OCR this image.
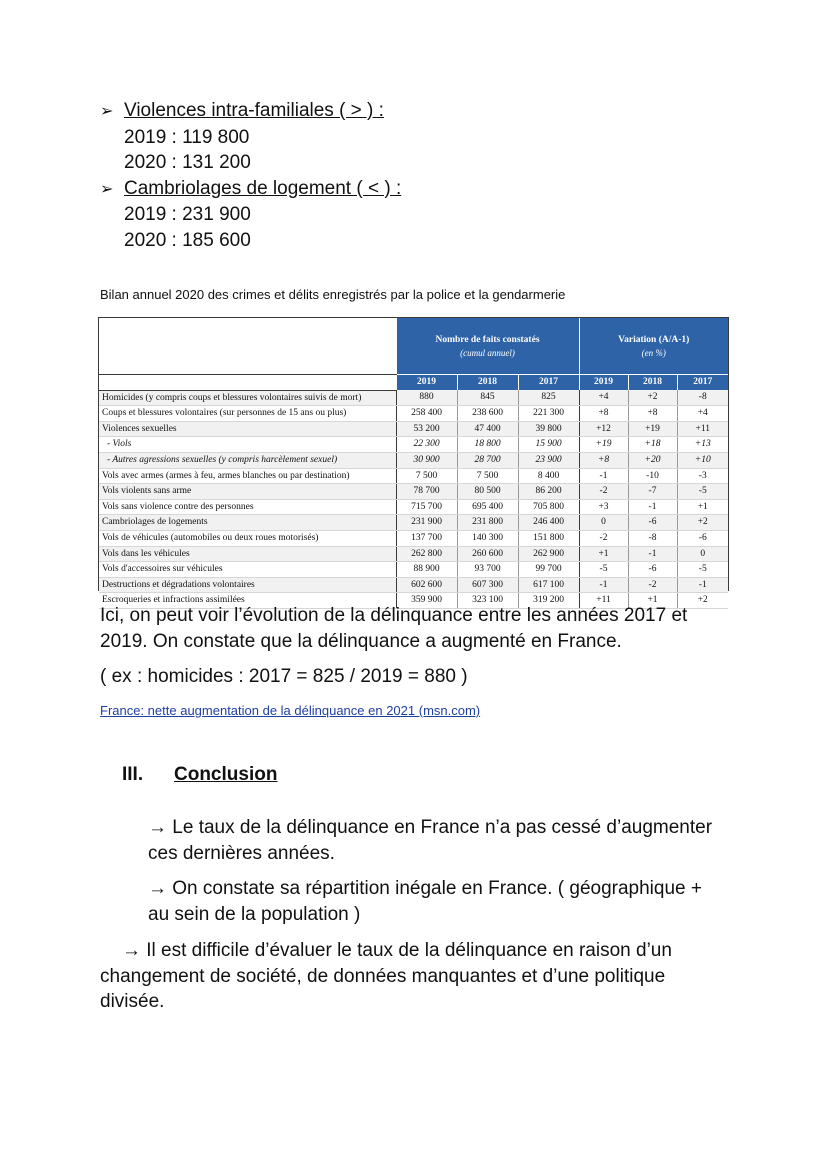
➢ Violences intra-familiales ( > ) :
2019 : 119 800
2020 : 131 200
➢ Cambriolages de logement ( < ) :
2019 : 231 900
2020 : 185 600
Bilan annuel 2020 des crimes et délits enregistrés par la police et la gendarmerie
	Nombre de faits constatés
(cumul annuel)			Variation (A/A-1)
(en %)		

	2019	2018	2017	2019	2018	2017
Homicides (y compris coups et blessures volontaires suivis de mort)	880	845	825	+4	+2	-8
Coups et blessures volontaires (sur personnes de 15 ans ou plus)	258 400	238 600	221 300	+8	+8	+4
Violences sexuelles	53 200	47 400	39 800	+12	+19	+11
- Viols	22 300	18 800	15 900	+19	+18	+13
- Autres agressions sexuelles (y compris harcèlement sexuel)	30 900	28 700	23 900	+8	+20	+10
Vols avec armes (armes à feu, armes blanches ou par destination)	7 500	7 500	8 400	-1	-10	-3
Vols violents sans arme	78 700	80 500	86 200	-2	-7	-5
Vols sans violence contre des personnes	715 700	695 400	705 800	+3	-1	+1
Cambriolages de logements	231 900	231 800	246 400	0	-6	+2
Vols de véhicules (automobiles ou deux roues motorisés)	137 700	140 300	151 800	-2	-8	-6
Vols dans les véhicules	262 800	260 600	262 900	+1	-1	0
Vols d'accessoires sur véhicules	88 900	93 700	99 700	-5	-6	-5
Destructions et dégradations volontaires	602 600	607 300	617 100	-1	-2	-1
Escroqueries et infractions assimilées	359 900	323 100	319 200	+11	+1	+2
Ici, on peut voir l’évolution de la délinquance entre les années 2017 et
2019. On constate que la délinquance a augmenté en France.
( ex : homicides : 2017 = 825 / 2019 = 880 )
France: nette augmentation de la délinquance en 2021 (msn.com)
III. Conclusion
→ Le taux de la délinquance en France n’a pas cessé d’augmenter
ces dernières années.
→ On constate sa répartition inégale en France. ( géographique +
au sein de la population )
→ Il est difficile d’évaluer le taux de la délinquance en raison d’un
changement de société, de données manquantes et d’une politique
divisée.
